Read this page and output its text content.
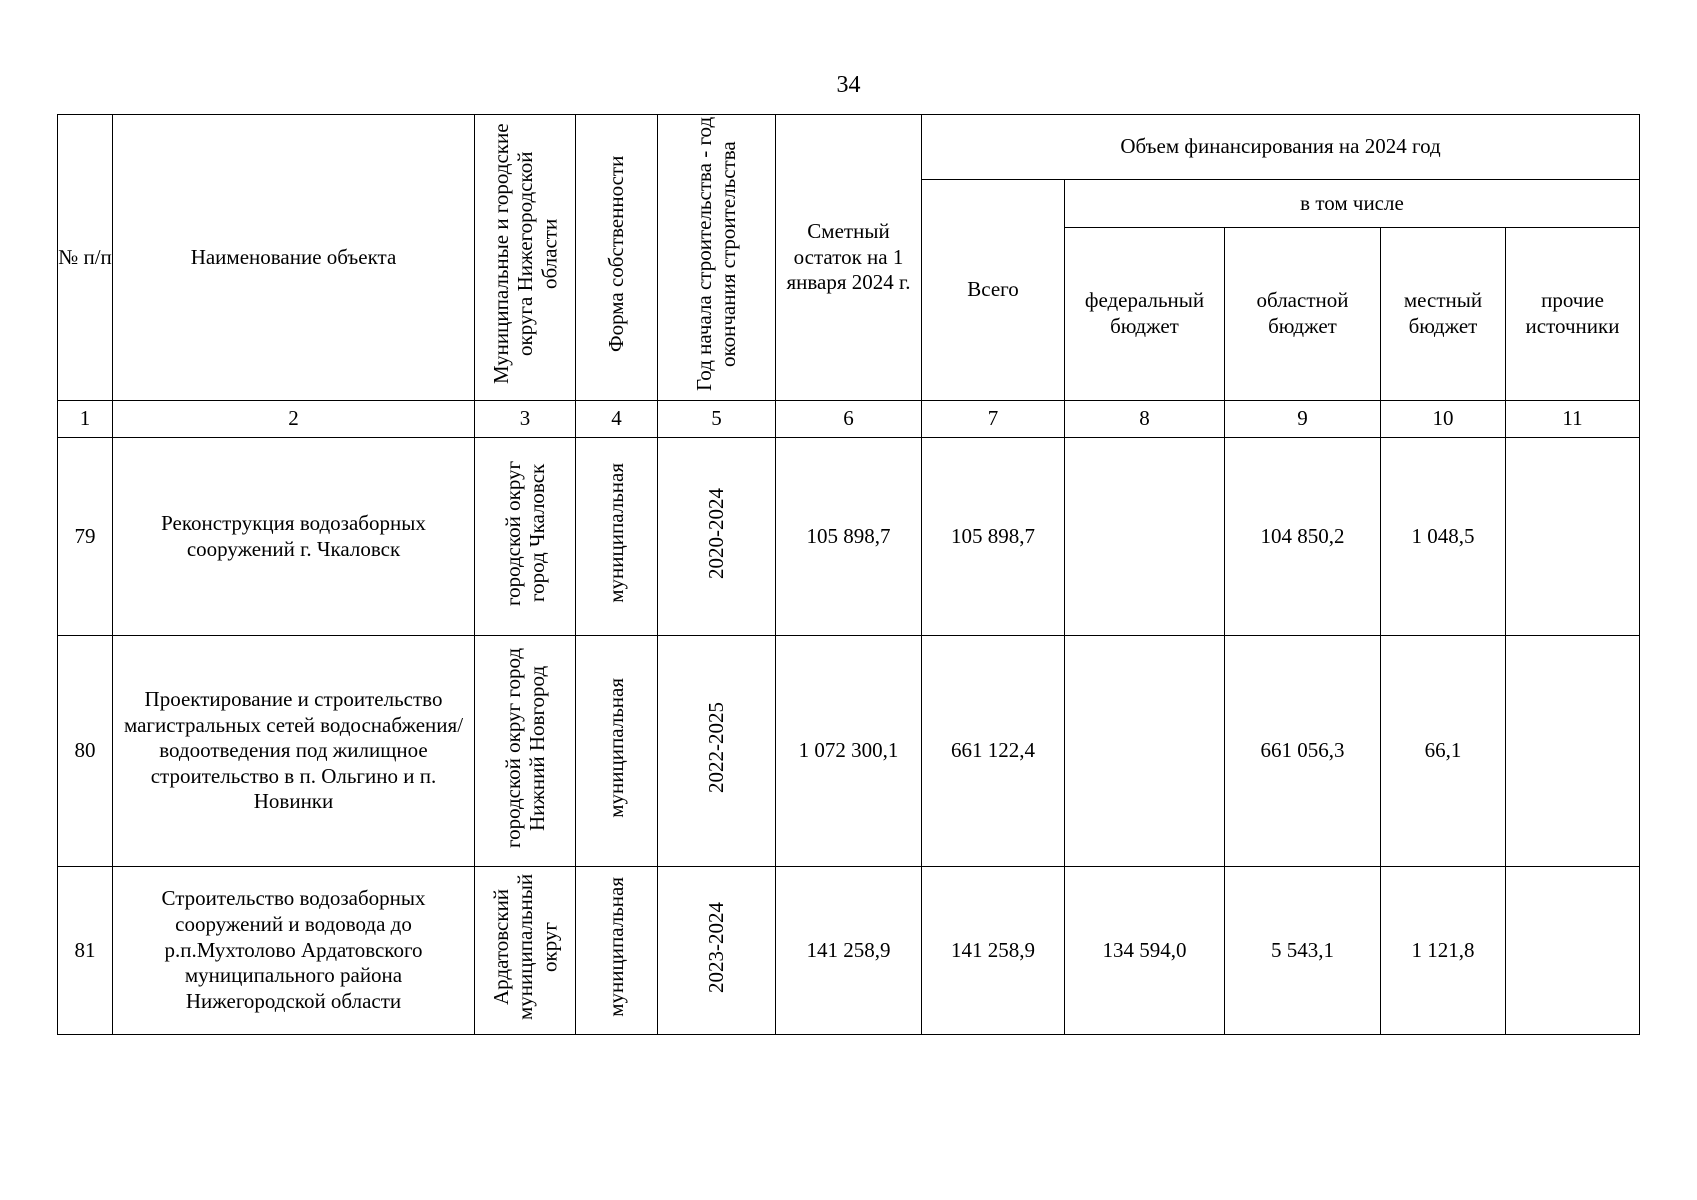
34
№ п/п	Наименование объекта	Муниципальные и городские округа Нижегородской области	Форма собственности	Год начала строительства - год окончания строительства	Сметный остаток на 1 января 2024 г.	Объем финансирования на 2024 год				
						Всего	в том числе			
							федеральный бюджет	областной бюджет	местный бюджет	прочие источники
1	2	3	4	5	6	7	8	9	10	11
79	Реконструкция водозаборных сооружений г. Чкаловск	городской округ город Чкаловск	муниципальная	2020-2024	105 898,7	105 898,7		104 850,2	1 048,5	
80	Проектирование и строительство магистральных сетей водоснабжения/ водоотведения под жилищное строительство в п. Ольгино и п. Новинки	городской округ город Нижний Новгород	муниципальная	2022-2025	1 072 300,1	661 122,4		661 056,3	66,1	
81	Строительство водозаборных сооружений и водовода до р.п.Мухтолово Ардатовского муниципального района Нижегородской области	Ардатовский муниципальный округ	муниципальная	2023-2024	141 258,9	141 258,9	134 594,0	5 543,1	1 121,8	
